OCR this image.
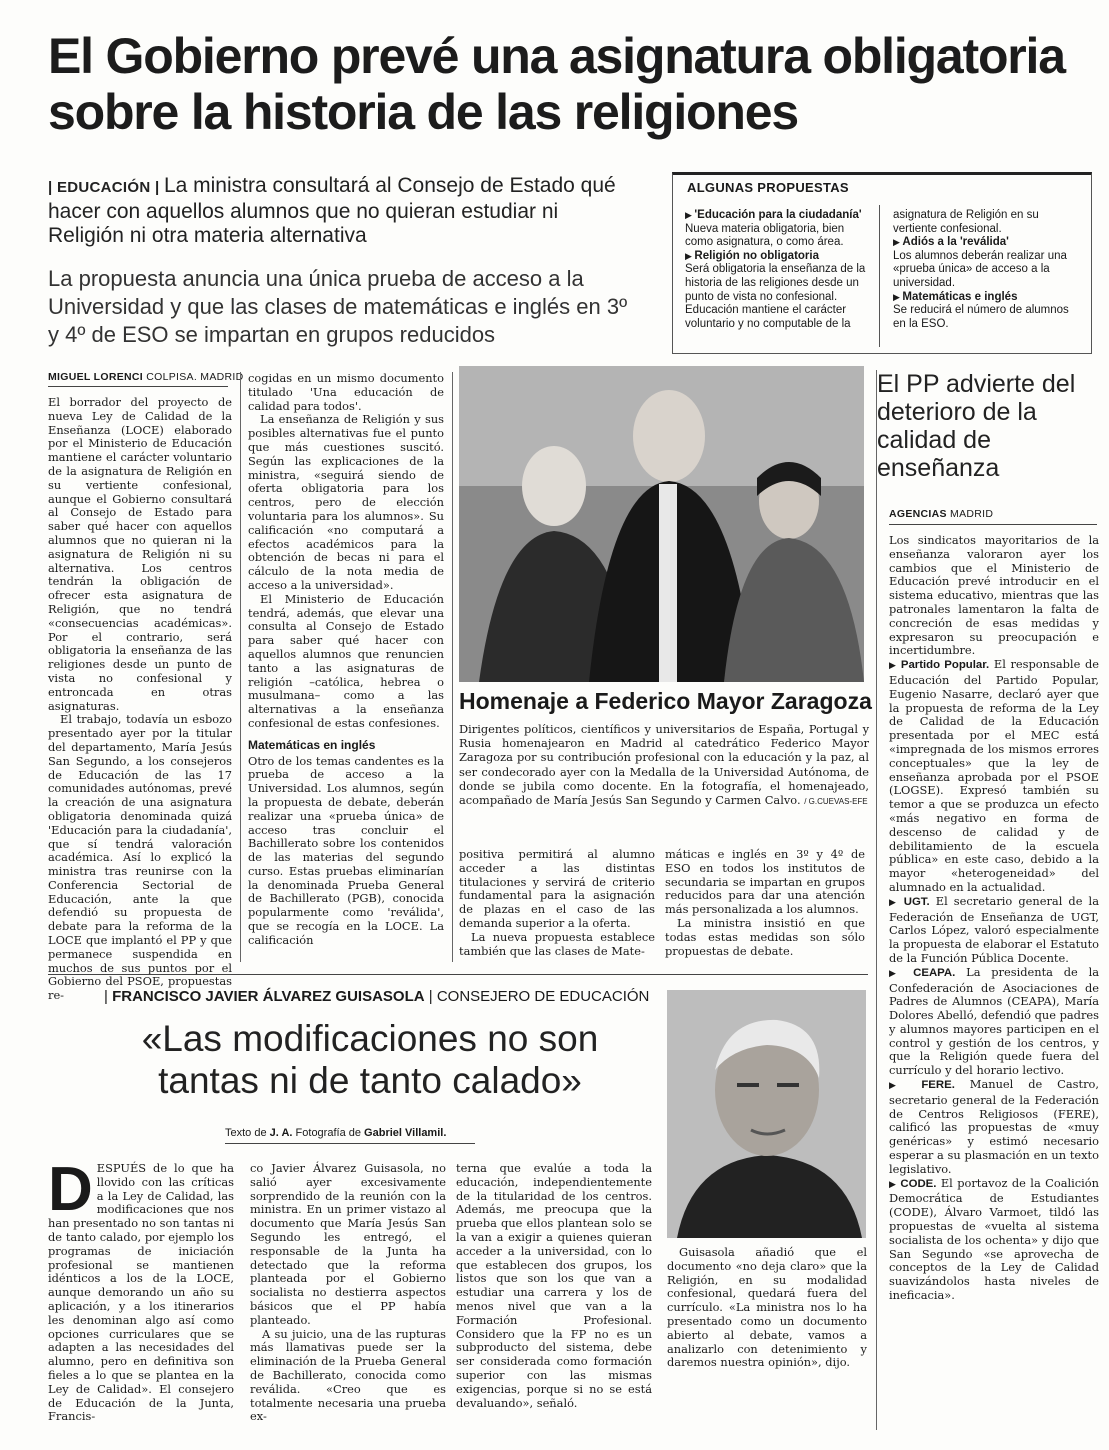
El Gobierno prevé una asignatura obligatoria sobre la historia de las religiones
| EDUCACIÓN | La ministra consultará al Consejo de Estado qué hacer con aquellos alumnos que no quieran estudiar ni Religión ni otra materia alternativa
La propuesta anuncia una única prueba de acceso a la Universidad y que las clases de matemáticas e inglés en 3º y 4º de ESO se impartan en grupos reducidos
ALGUNAS PROPUESTAS
▶ 'Educación para la ciudadanía'
Nueva materia obligatoria, bien como asignatura, o como área.
▶ Religión no obligatoria
Será obligatoria la enseñanza de la historia de las religiones desde un punto de vista no confesional. Educación mantiene el carácter voluntario y no computable de la
asignatura de Religión en su vertiente confesional.
▶ Adiós a la 'reválida'
Los alumnos deberán realizar una «prueba única» de acceso a la universidad.
▶ Matemáticas e inglés
Se reducirá el número de alumnos en la ESO.
MIGUEL LORENCI COLPISA. MADRID

El borrador del proyecto de nueva Ley de Calidad de la Enseñanza (LOCE) elaborado por el Ministerio de Educación mantiene el carácter voluntario de la asignatura de Religión en su vertiente confesional, aunque el Gobierno consultará al Consejo de Estado para saber qué hacer con aquellos alumnos que no quieran ni la asignatura de Religión ni su alternativa. Los centros tendrán la obligación de ofrecer esta asignatura de Religión, que no tendrá «consecuencias académicas». Por el contrario, será obligatoria la enseñanza de las religiones desde un punto de vista no confesional y entroncada en otras asignaturas.

El trabajo, todavía un esbozo presentado ayer por la titular del departamento, María Jesús San Segundo, a los consejeros de Educación de las 17 comunidades autónomas, prevé la creación de una asignatura obligatoria denominada quizá 'Educación para la ciudadanía', que sí tendrá valoración académica. Así lo explicó la ministra tras reunirse con la Conferencia Sectorial de Educación, ante la que defendió su propuesta de debate para la reforma de la LOCE que implantó el PP y que permanece suspendida en muchos de sus puntos por el Gobierno del PSOE, propuestas re-

cogidas en un mismo documento titulado 'Una educación de calidad para todos'.

La enseñanza de Religión y sus posibles alternativas fue el punto que más cuestiones suscitó. Según las explicaciones de la ministra, «seguirá siendo de oferta obligatoria para los centros, pero de elección voluntaria para los alumnos». Su calificación «no computará a efectos académicos para la obtención de becas ni para el cálculo de la nota media de acceso a la universidad».

El Ministerio de Educación tendrá, además, que elevar una consulta al Consejo de Estado para saber qué hacer con aquellos alumnos que renuncien tanto a las asignaturas de religión –católica, hebrea o musulmana– como a las alternativas a la enseñanza confesional de estas confesiones.

Matemáticas en inglés

Otro de los temas candentes es la prueba de acceso a la Universidad. Los alumnos, según la propuesta de debate, deberán realizar una «prueba única» de acceso tras concluir el Bachillerato sobre los contenidos de las materias del segundo curso. Estas pruebas eliminarían la denominada Prueba General de Bachillerato (PGB), conocida popularmente como 'reválida', que se recogía en la LOCE. La calificación

positiva permitirá al alumno acceder a las distintas titulaciones y servirá de criterio fundamental para la asignación de plazas en el caso de las demanda superior a la oferta.

La nueva propuesta establece también que las clases de Mate-

máticas e inglés en 3º y 4º de ESO en todos los institutos de secundaria se impartan en grupos reducidos para dar una atención más personalizada a los alumnos.

La ministra insistió en que todas estas medidas son sólo propuestas de debate.

Homenaje a Federico Mayor Zaragoza
Dirigentes políticos, científicos y universitarios de España, Portugal y Rusia homenajearon en Madrid al catedrático Federico Mayor Zaragoza por su contribución profesional con la educación y la paz, al ser condecorado ayer con la Medalla de la Universidad Autónoma, de donde se jubila como docente. En la fotografía, el homenajeado, acompañado de María Jesús San Segundo y Carmen Calvo. / G.CUEVAS-EFE
El PP advierte del deterioro de la calidad de enseñanza
AGENCIAS MADRID

Los sindicatos mayoritarios de la enseñanza valoraron ayer los cambios que el Ministerio de Educación prevé introducir en el sistema educativo, mientras que las patronales lamentaron la falta de concreción de esas medidas y expresaron su preocupación e incertidumbre.

▶ Partido Popular. El responsable de Educación del Partido Popular, Eugenio Nasarre, declaró ayer que la propuesta de reforma de la Ley de Calidad de la Educación presentada por el MEC está «impregnada de los mismos errores conceptuales» que la ley de enseñanza aprobada por el PSOE (LOGSE). Expresó también su temor a que se produzca un efecto «más negativo en forma de descenso de calidad y de debilitamiento de la escuela pública» en este caso, debido a la mayor «heterogeneidad» del alumnado en la actualidad.

▶ UGT. El secretario general de la Federación de Enseñanza de UGT, Carlos López, valoró especialmente la propuesta de elaborar el Estatuto de la Función Pública Docente.

▶ CEAPA. La presidenta de la Confederación de Asociaciones de Padres de Alumnos (CEAPA), María Dolores Abelló, defendió que padres y alumnos mayores participen en el control y gestión de los centros, y que la Religión quede fuera del currículo y del horario lectivo.

▶ FERE. Manuel de Castro, secretario general de la Federación de Centros Religiosos (FERE), calificó las propuestas de «muy genéricas» y estimó necesario esperar a su plasmación en un texto legislativo.

▶ CODE. El portavoz de la Coalición Democrática de Estudiantes (CODE), Álvaro Varmoet, tildó las propuestas de «vuelta al sistema socialista de los ochenta» y dijo que San Segundo «se aprovecha de conceptos de la Ley de Calidad suavizándolos hasta niveles de ineficacia».

| FRANCISCO JAVIER ÁLVAREZ GUISASOLA | CONSEJERO DE EDUCACIÓN
«Las modificaciones no son tantas ni de tanto calado»
Texto de J. A. Fotografía de Gabriel Villamil.

DESPUÉS de lo que ha llovido con las críticas a la Ley de Calidad, las modificaciones que nos han presentado no son tantas ni de tanto calado, por ejemplo los programas de iniciación profesional se mantienen idénticos a los de la LOCE, aunque demorando un año su aplicación, y a los itinerarios les denominan algo así como opciones curriculares que se adapten a las necesidades del alumno, pero en definitiva son fieles a lo que se plantea en la Ley de Calidad». El consejero de Educación de la Junta, Francis-

co Javier Álvarez Guisasola, no salió ayer excesivamente sorprendido de la reunión con la ministra. En un primer vistazo al documento que María Jesús San Segundo les entregó, el responsable de la Junta ha detectado que la reforma planteada por el Gobierno socialista no destierra aspectos básicos que el PP había planteado.

A su juicio, una de las rupturas más llamativas puede ser la eliminación de la Prueba General de Bachillerato, conocida como reválida. «Creo que es totalmente necesaria una prueba ex-

terna que evalúe a toda la educación, independientemente de la titularidad de los centros. Además, me preocupa que la prueba que ellos plantean solo se la van a exigir a quienes quieran acceder a la universidad, con lo que establecen dos grupos, los listos que son los que van a estudiar una carrera y los de menos nivel que van a la Formación Profesional. Considero que la FP no es un subproducto del sistema, debe ser considerada como formación superior con las mismas exigencias, porque si no se está devaluando», señaló.

Guisasola añadió que el documento «no deja claro» que la Religión, en su modalidad confesional, quedará fuera del currículo. «La ministra nos lo ha presentado como un documento abierto al debate, vamos a analizarlo con detenimiento y daremos nuestra opinión», dijo.
